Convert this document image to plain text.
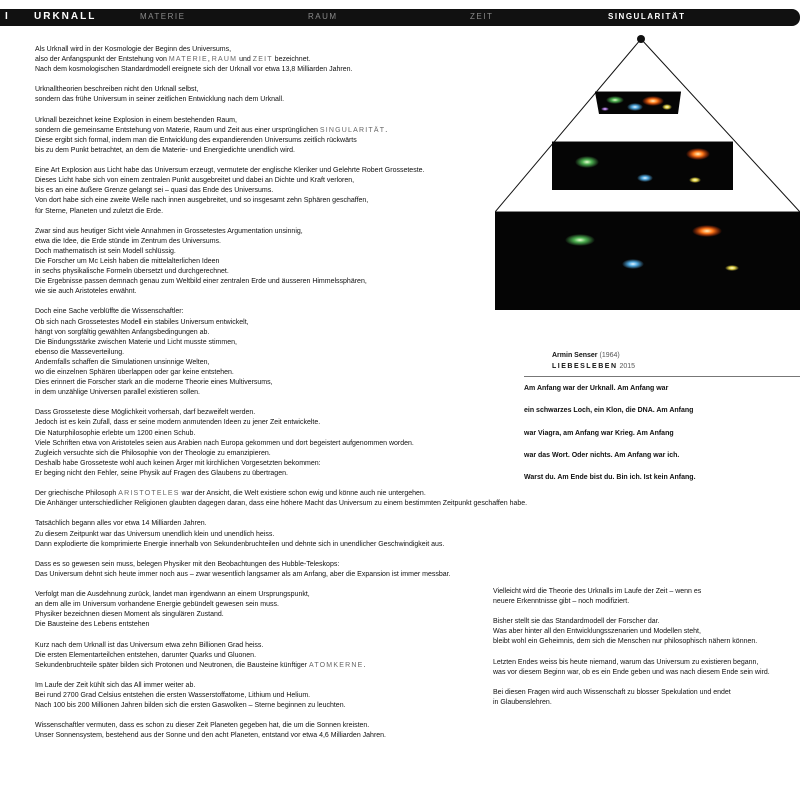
I	URKNALL	MATERIE	RAUM	ZEIT	SINGULARITÄT

Als Urknall wird in der Kosmologie der Beginn des Universums,
also der Anfangspunkt der Entstehung von MATERIE, RAUM und ZEIT bezeichnet.
Nach dem kosmologischen Standardmodell ereignete sich der Urknall vor etwa 13,8 Milliarden Jahren.

Urknalltheorien beschreiben nicht den Urknall selbst,
sondern das frühe Universum in seiner zeitlichen Entwicklung nach dem Urknall.

Urknall bezeichnet keine Explosion in einem bestehenden Raum,
sondern die gemeinsame Entstehung von Materie, Raum und Zeit aus einer ursprünglichen SINGULARITÄT.
Diese ergibt sich formal, indem man die Entwicklung des expandierenden Universums zeitlich rückwärts
bis zu dem Punkt betrachtet, an dem die Materie- und Energiedichte unendlich wird.

Eine Art Explosion aus Licht habe das Universum erzeugt, vermutete der englische Kleriker und Gelehrte Robert Grosseteste.
Dieses Licht habe sich von einem zentralen Punkt ausgebreitet und dabei an Dichte und Kraft verloren,
bis es an eine äußere Grenze gelangt sei – quasi das Ende des Universums.
Von dort habe sich eine zweite Welle nach innen ausgebreitet, und so insgesamt zehn Sphären geschaffen,
für Sterne, Planeten und zuletzt die Erde.

Zwar sind aus heutiger Sicht viele Annahmen in Grossetestes Argumentation unsinnig,
etwa die Idee, die Erde stünde im Zentrum des Universums.
Doch mathematisch ist sein Modell schlüssig.
Die Forscher um Mc Leish haben die mittelalterlichen Ideen
in sechs physikalische Formeln übersetzt und durchgerechnet.
Die Ergebnisse passen demnach genau zum Weltbild einer zentralen Erde und äusseren Himmelssphären,
wie sie auch Aristoteles erwähnt.

Doch eine Sache verblüffte die Wissenschaftler:
Ob sich nach Grossetestes Modell ein stabiles Universum entwickelt,
hängt von sorgfältig gewählten Anfangsbedingungen ab.
Die Bindungsstärke zwischen Materie und Licht musste stimmen,
ebenso die Masseverteilung.
Andernfalls schaffen die Simulationen unsinnige Welten,
wo die einzelnen Sphären überlappen oder gar keine entstehen.
Dies erinnert die Forscher stark an die moderne Theorie eines Multiversums,
in dem unzählige Universen parallel existieren sollen.

Dass Grosseteste diese Möglichkeit vorhersah, darf bezweifelt werden.
Jedoch ist es kein Zufall, dass er seine modern anmutenden Ideen zu jener Zeit entwickelte.
Die Naturphilosophie erlebte um 1200 einen Schub.
Viele Schriften etwa von Aristoteles seien aus Arabien nach Europa gekommen und dort begeistert aufgenommen worden.
Zugleich versuchte sich die Philosophie von der Theologie zu emanzipieren.
Deshalb habe Grosseteste wohl auch keinen Ärger mit kirchlichen Vorgesetzten bekommen:
Er beging nicht den Fehler, seine Physik auf Fragen des Glaubens zu übertragen.

Der griechische Philosoph ARISTOTELES war der Ansicht, die Welt existiere schon ewig und könne auch nie untergehen.
Die Anhänger unterschiedlicher Religionen glaubten dagegen daran, dass eine höhere Macht das Universum zu einem bestimmten Zeitpunkt geschaffen habe.

Tatsächlich begann alles vor etwa 14 Milliarden Jahren.
Zu diesem Zeitpunkt war das Universum unendlich klein und unendlich heiss.
Dann explodierte die komprimierte Energie innerhalb von Sekundenbruchteilen und dehnte sich in unendlicher Geschwindigkeit aus.

Dass es so gewesen sein muss, belegen Physiker mit den Beobachtungen des Hubble-Teleskops:
Das Universum dehnt sich heute immer noch aus – zwar wesentlich langsamer als am Anfang, aber die Expansion ist immer messbar.

Verfolgt man die Ausdehnung zurück, landet man irgendwann an einem Ursprungspunkt,
an dem alle im Universum vorhandene Energie gebündelt gewesen sein muss.
Physiker bezeichnen diesen Moment als singulären Zustand.
Die Bausteine des Lebens entstehen

Kurz nach dem Urknall ist das Universum etwa zehn Billionen Grad heiss.
Die ersten Elementarteilchen entstehen, darunter Quarks und Gluonen.
Sekundenbruchteile später bilden sich Protonen und Neutronen, die Bausteine künftiger ATOMKERNE.

Im Laufe der Zeit kühlt sich das All immer weiter ab.
Bei rund 2700 Grad Celsius entstehen die ersten Wasserstoffatome, Lithium und Helium.
Nach 100 bis 200 Millionen Jahren bilden sich die ersten Gaswolken – Sterne beginnen zu leuchten.

Wissenschaftler vermuten, dass es schon zu dieser Zeit Planeten gegeben hat, die um die Sonnen kreisten.
Unser Sonnensystem, bestehend aus der Sonne und den acht Planeten, entstand vor etwa 4,6 Milliarden Jahren.

Vielleicht wird die Theorie des Urknalls im Laufe der Zeit – wenn es
neuere Erkenntnisse gibt – noch modifiziert.

Bisher stellt sie das Standardmodell der Forscher dar.
Was aber hinter all den Entwicklungsszenarien und Modellen steht,
bleibt wohl ein Geheimnis, dem sich die Menschen nur philosophisch nähern können.

Letzten Endes weiss bis heute niemand, warum das Universum zu existieren begann,
was vor diesem Beginn war, ob es ein Ende geben und was nach diesem Ende sein wird.

Bei diesen Fragen wird auch Wissenschaft zu blosser Spekulation und endet
in Glaubenslehren.

Armin Senser (1964)
LIEBESLEBEN 2015
Am Anfang war der Urknall. Am Anfang war
ein schwarzes Loch, ein Klon, die DNA. Am Anfang
war Viagra, am Anfang war Krieg. Am Anfang
war das Wort. Oder nichts. Am Anfang war ich.
Warst du. Am Ende bist du. Bin ich. Ist kein Anfang.
